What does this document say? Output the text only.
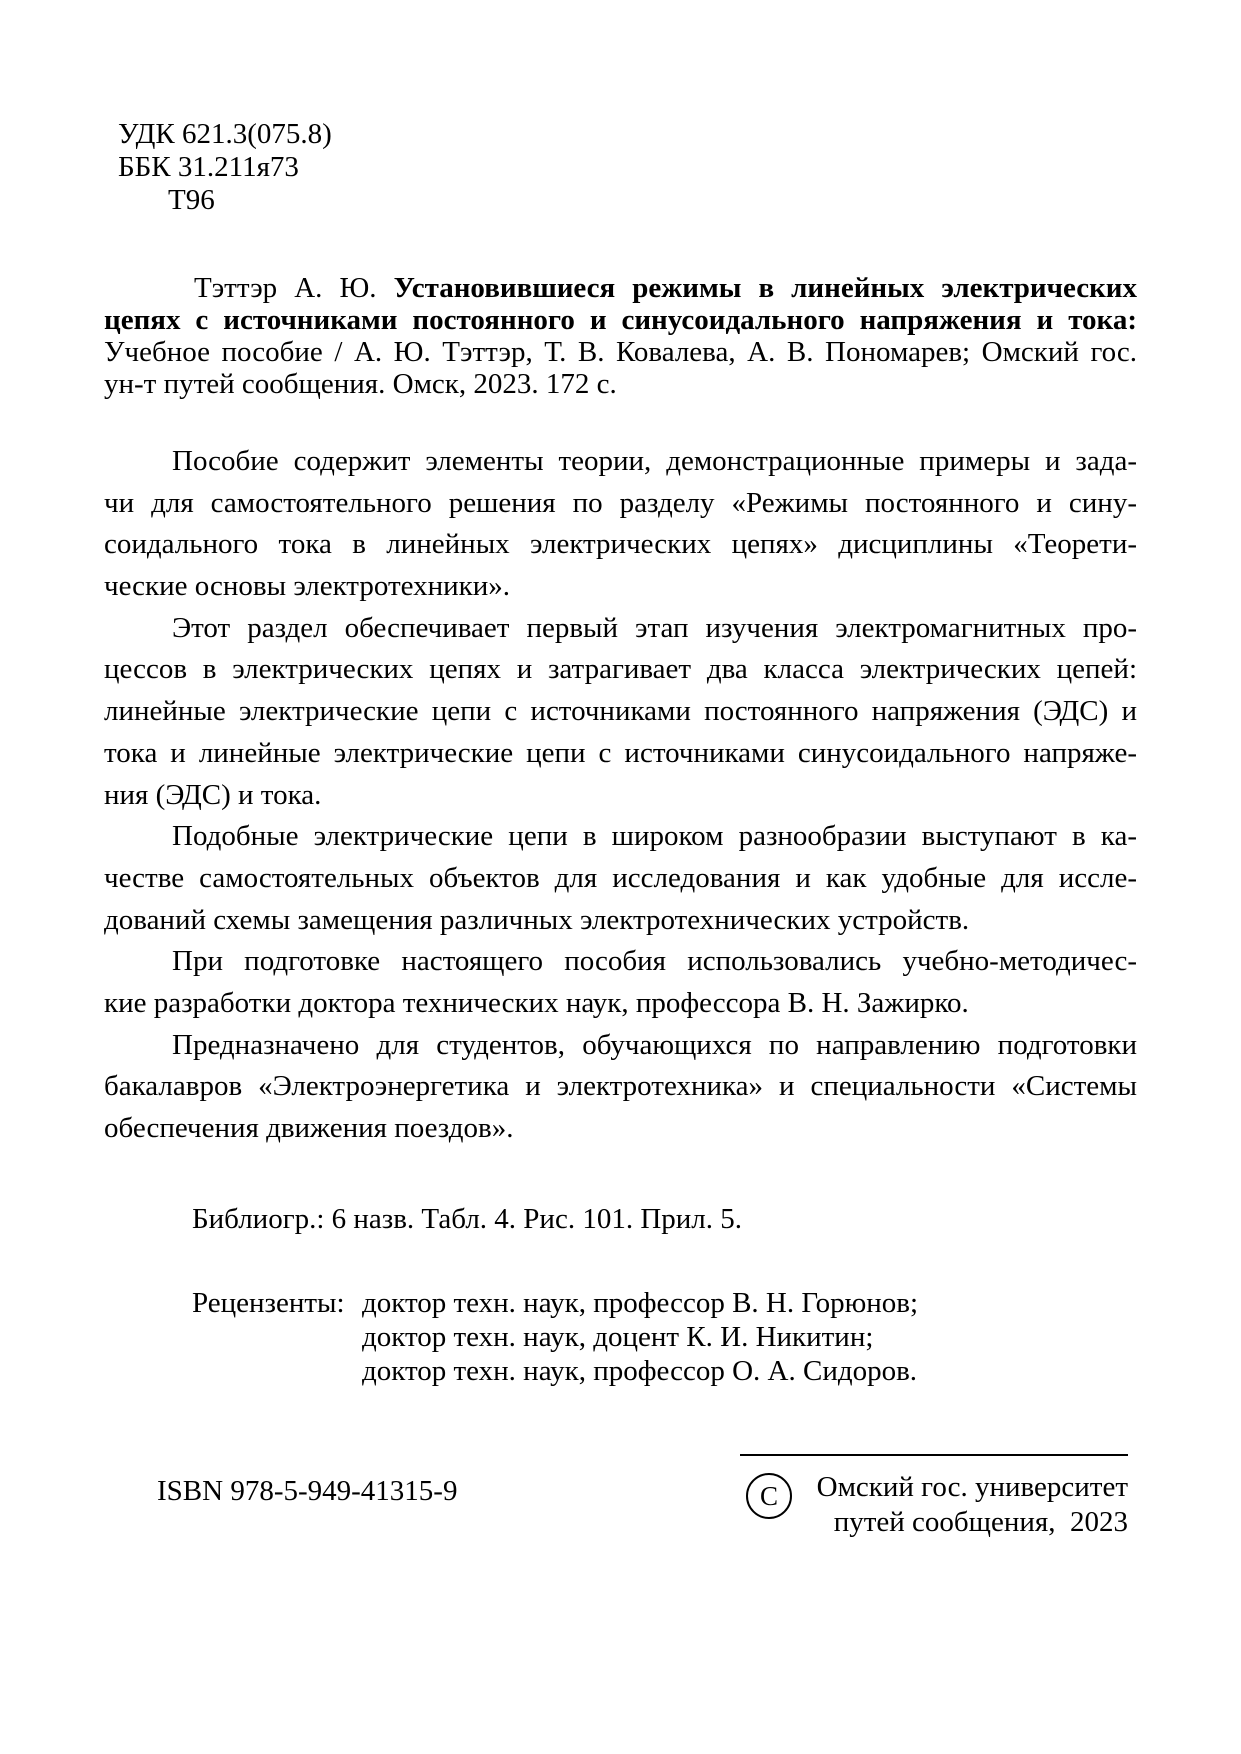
УДК 621.3(075.8)
ББК 31.211я73
Т96
Тэттэр А. Ю. Установившиеся режимы в линейных электрических
цепях с источниками постоянного и синусоидального напряжения и тока:
Учебное пособие / А. Ю. Тэттэр, Т. В. Ковалева, А. В. Пономарев; Омский гос.
ун-т путей сообщения. Омск, 2023. 172 с.
Пособие содержит элементы теории, демонстрационные примеры и зада-
чи для самостоятельного решения по разделу «Режимы постоянного и сину-
соидального тока в линейных электрических цепях» дисциплины «Теорети-
ческие основы электротехники».
Этот раздел обеспечивает первый этап изучения электромагнитных про-
цессов в электрических цепях и затрагивает два класса электрических цепей:
линейные электрические цепи с источниками постоянного напряжения (ЭДС) и
тока и линейные электрические цепи с источниками синусоидального напряже-
ния (ЭДС) и тока.
Подобные электрические цепи в широком разнообразии выступают в ка-
честве самостоятельных объектов для исследования и как удобные для иссле-
дований схемы замещения различных электротехнических устройств.
При подготовке настоящего пособия использовались учебно-методичес-
кие разработки доктора технических наук, профессора В. Н. Зажирко.
Предназначено для студентов, обучающихся по направлению подготовки
бакалавров «Электроэнергетика и электротехника» и специальности «Системы
обеспечения движения поездов».
Библиогр.: 6 назв. Табл. 4. Рис. 101. Прил. 5.
Рецензенты: доктор техн. наук, профессор В. Н. Горюнов;
доктор техн. наук, доцент К. И. Никитин;
доктор техн. наук, профессор О. А. Сидоров.
ISBN 978-5-949-41315-9	С	Омский гос. университет
путей сообщения,  2023
